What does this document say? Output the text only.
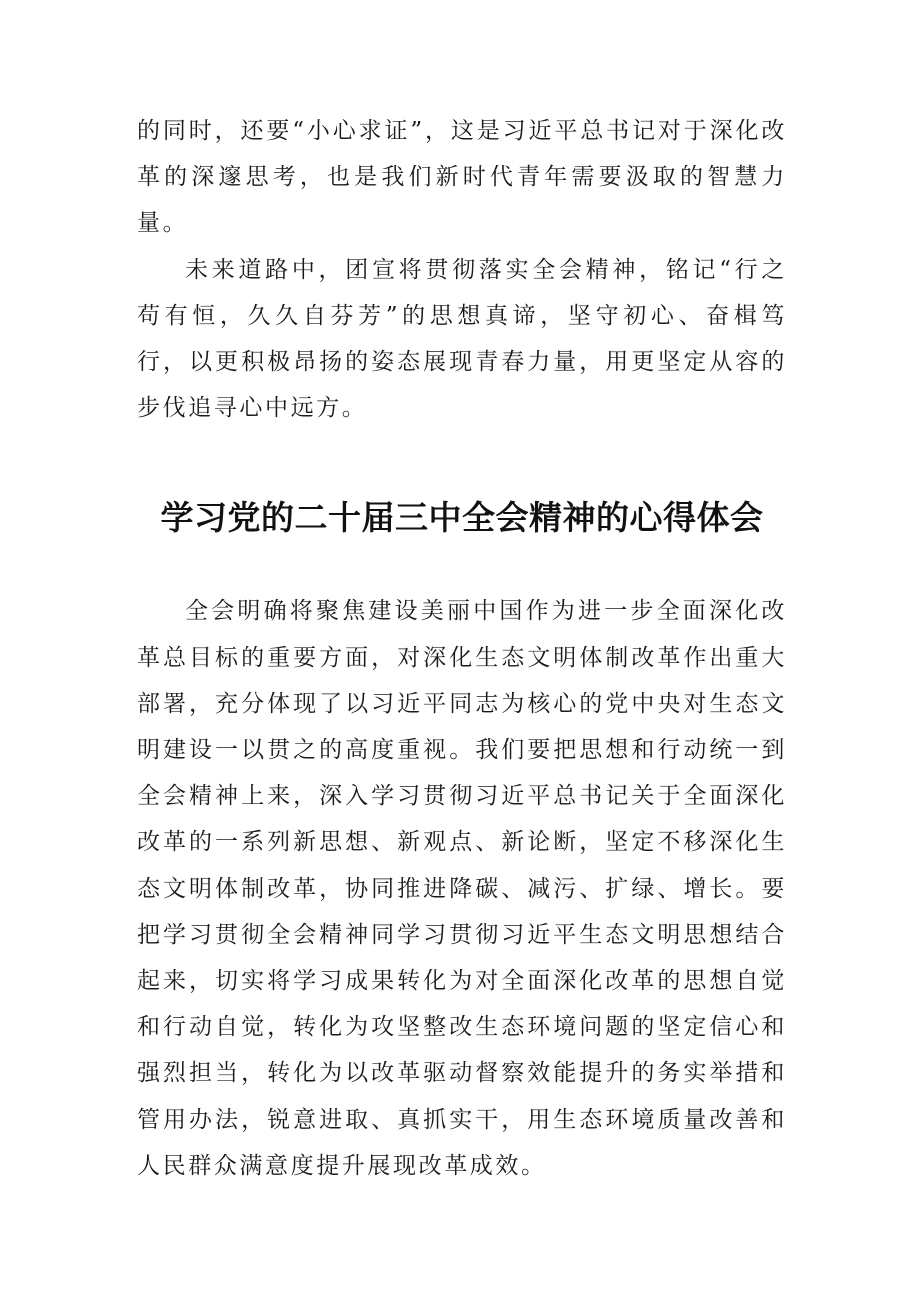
的同时，还要“小心求证”，这是习近平总书记对于深化改革的深邃思考，也是我们新时代青年需要汲取的智慧力量。

未来道路中，团宣将贯彻落实全会精神，铭记“行之苟有恒，久久自芬芳”的思想真谛，坚守初心、奋楫笃行，以更积极昂扬的姿态展现青春力量，用更坚定从容的步伐追寻心中远方。

学习党的二十届三中全会精神的心得体会

全会明确将聚焦建设美丽中国作为进一步全面深化改革总目标的重要方面，对深化生态文明体制改革作出重大部署，充分体现了以习近平同志为核心的党中央对生态文明建设一以贯之的高度重视。我们要把思想和行动统一到全会精神上来，深入学习贯彻习近平总书记关于全面深化改革的一系列新思想、新观点、新论断，坚定不移深化生态文明体制改革，协同推进降碳、减污、扩绿、增长。要把学习贯彻全会精神同学习贯彻习近平生态文明思想结合起来，切实将学习成果转化为对全面深化改革的思想自觉和行动自觉，转化为攻坚整改生态环境问题的坚定信心和强烈担当，转化为以改革驱动督察效能提升的务实举措和管用办法，锐意进取、真抓实干，用生态环境质量改善和人民群众满意度提升展现改革成效。
